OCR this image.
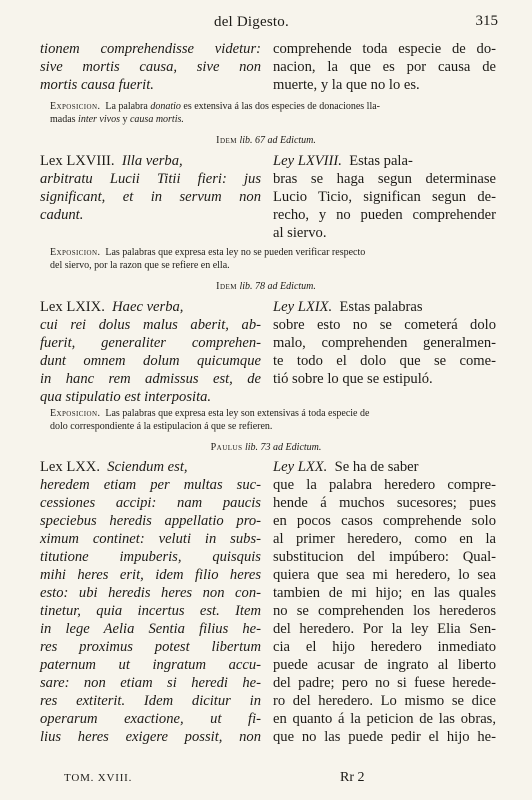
del Digesto.	315
tionem comprehendisse videtur:
sive mortis causa, sive non
mortis causa fuerit.
comprehende toda especie de do-
nacion, la que es por causa de
muerte, y la que no lo es.
Exposicion. La palabra donatio es extensiva á las dos especies de donaciones lla-
madas inter vivos y causa mortis.
Idem lib. 67 ad Edictum.
Lex LXVIII. Illa verba,
arbitratu Lucii Titii fieri: jus
significant, et in servum non
cadunt.
Ley LXVIII. Estas pala-
bras se haga segun determinase
Lucio Ticio, significan segun de-
recho, y no pueden comprehender
al siervo.
Exposicion. Las palabras que expresa esta ley no se pueden verificar respecto
del siervo, por la razon que se refiere en ella.
Idem lib. 78 ad Edictum.
Lex LXIX. Haec verba,
cui rei dolus malus aberit, ab-
fuerit, generaliter comprehen-
dunt omnem dolum quicumque
in hanc rem admissus est, de
qua stipulatio est interposita.
Ley LXIX. Estas palabras
sobre esto no se cometerá dolo
malo, comprehenden generalmen-
te todo el dolo que se come-
tió sobre lo que se estipuló.
Exposicion. Las palabras que expresa esta ley son extensivas á toda especie de
dolo correspondiente á la estipulacion á que se refieren.
Paulus lib. 73 ad Edictum.
Lex LXX. Sciendum est,
heredem etiam per multas suc-
cessiones accipi: nam paucis
speciebus heredis appellatio pro-
ximum continet: veluti in subs-
titutione impuberis, quisquis
mihi heres erit, idem filio heres
esto: ubi heredis heres non con-
tinetur, quia incertus est. Item
in lege Aelia Sentia filius he-
res proximus potest libertum
paternum ut ingratum accu-
sare: non etiam si heredi he-
res extiterit. Idem dicitur in
operarum exactione, ut fi-
lius heres exigere possit, non
Ley LXX. Se ha de saber
que la palabra heredero compre-
hende á muchos sucesores; pues
en pocos casos comprehende solo
al primer heredero, como en la
substitucion del impúbero: Qual-
quiera que sea mi heredero, lo sea
tambien de mi hijo; en las quales
no se comprehenden los herederos
del heredero. Por la ley Elia Sen-
cia el hijo heredero inmediato
puede acusar de ingrato al liberto
del padre; pero no si fuese herede-
ro del heredero. Lo mismo se dice
en quanto á la peticion de las obras,
que no las puede pedir el hijo he-
TOM. XVIII.	Rr 2
